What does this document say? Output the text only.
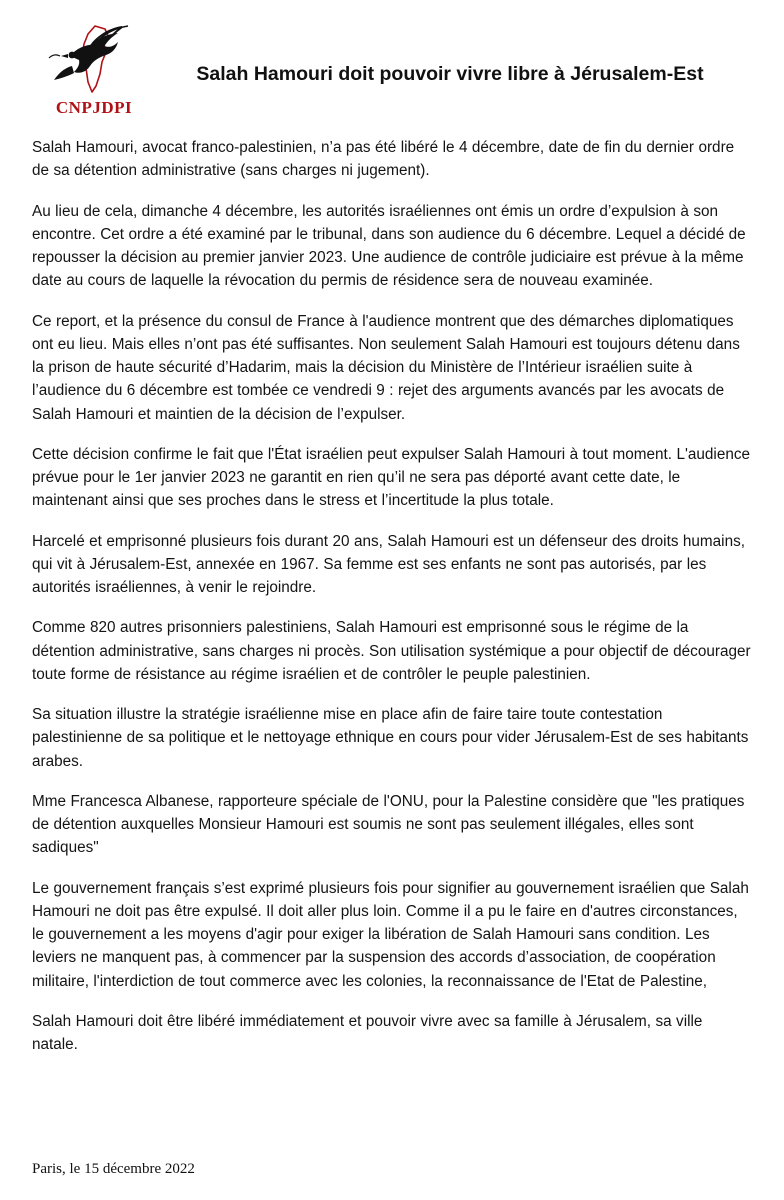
CNPJDPI
Salah Hamouri doit pouvoir vivre libre à Jérusalem-Est

Salah Hamouri, avocat franco-palestinien, n’a pas été libéré le 4 décembre, date de fin du dernier ordre de sa détention administrative (sans charges ni jugement).

Au lieu de cela, dimanche 4 décembre, les autorités israéliennes ont émis un ordre d’expulsion à son encontre. Cet ordre a été examiné par le tribunal, dans son audience du 6 décembre. Lequel a décidé de repousser la décision au premier janvier 2023. Une audience de contrôle judiciaire est prévue à la même date au cours de laquelle la révocation du permis de résidence sera de nouveau examinée.

Ce report, et la présence du consul de France à l'audience montrent que des démarches diplomatiques ont eu lieu. Mais elles n’ont pas été suffisantes. Non seulement Salah Hamouri est toujours détenu dans la prison de haute sécurité d’Hadarim, mais la décision du Ministère de l’Intérieur israélien suite à l’audience du 6 décembre est tombée ce vendredi 9 : rejet des arguments avancés par les avocats de Salah Hamouri et maintien de la décision de l’expulser.

Cette décision confirme le fait que l'État israélien peut expulser Salah Hamouri à tout moment. L'audience prévue pour le 1er janvier 2023 ne garantit en rien qu’il ne sera pas déporté avant cette date, le maintenant ainsi que ses proches dans le stress et l’incertitude la plus totale.

Harcelé et emprisonné plusieurs fois durant 20 ans, Salah Hamouri est un défenseur des droits humains, qui vit à Jérusalem-Est, annexée en 1967. Sa femme est ses enfants ne sont pas autorisés, par les autorités israéliennes, à venir le rejoindre.

Comme 820 autres prisonniers palestiniens, Salah Hamouri est emprisonné sous le régime de la détention administrative, sans charges ni procès. Son utilisation systémique a pour objectif de décourager toute forme de résistance au régime israélien et de contrôler le peuple palestinien.

Sa situation illustre la stratégie israélienne mise en place afin de faire taire toute contestation palestinienne de sa politique et le nettoyage ethnique en cours pour vider Jérusalem-Est de ses habitants arabes.

Mme Francesca Albanese, rapporteure spéciale de l'ONU, pour la Palestine considère que "les pratiques de détention auxquelles Monsieur Hamouri est soumis ne sont pas seulement illégales, elles sont sadiques"

Le gouvernement français s’est exprimé plusieurs fois pour signifier au gouvernement israélien que Salah Hamouri ne doit pas être expulsé. Il doit aller plus loin. Comme il a pu le faire en d'autres circonstances, le gouvernement a les moyens d'agir pour exiger la libération de Salah Hamouri sans condition. Les leviers ne manquent pas, à commencer par la suspension des accords d’association, de coopération militaire, l'interdiction de tout commerce avec les colonies, la reconnaissance de l'Etat de Palestine,

Salah Hamouri doit être libéré immédiatement et pouvoir vivre avec sa famille à Jérusalem, sa ville natale.

Paris, le 15 décembre 2022
